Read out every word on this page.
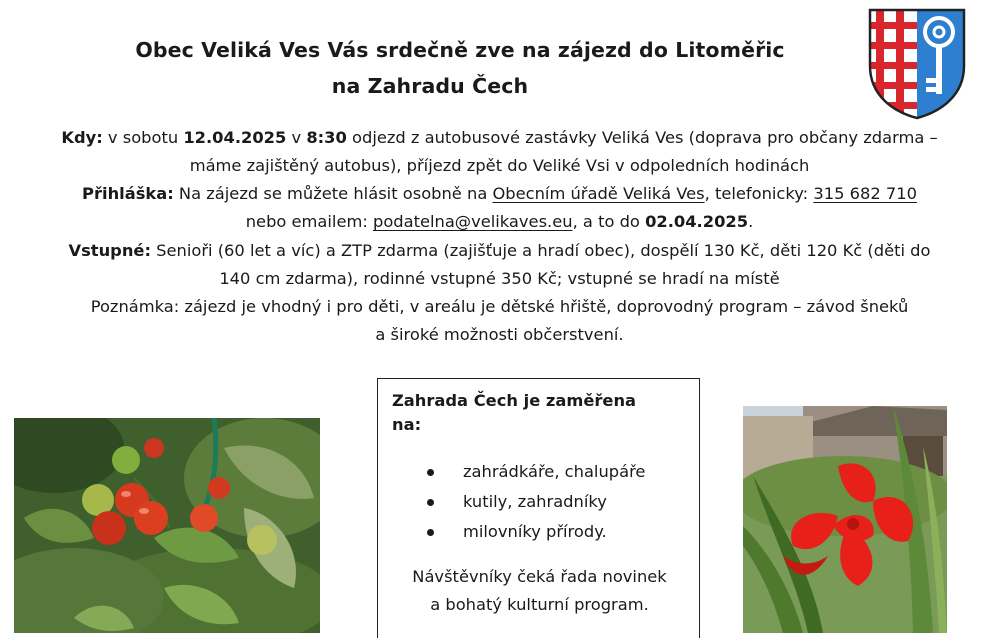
Obec Veliká Ves Vás srdečně zve na zájezd do Litoměřic
na Zahradu Čech
Kdy: v sobotu 12.04.2025 v 8:30 odjezd z autobusové zastávky Veliká Ves (doprava pro občany zdarma –
máme zajištěný autobus), příjezd zpět do Veliké Vsi v odpoledních hodinách
Přihláška: Na zájezd se můžete hlásit osobně na Obecním úřadě Veliká Ves, telefonicky: 315 682 710
nebo emailem: podatelna@velikaves.eu, a to do 02.04.2025.
Vstupné: Senioři (60 let a víc) a ZTP zdarma (zajišťuje a hradí obec), dospělí 130 Kč, děti 120 Kč (děti do
140 cm zdarma), rodinné vstupné 350 Kč; vstupné se hradí na místě
Poznámka: zájezd je vhodný i pro děti, v areálu je dětské hřiště, doprovodný program – závod šneků
a široké možnosti občerstvení.
Zahrada Čech je zaměřena
na:
zahrádkáře, chalupáře
kutily, zahradníky
milovníky přírody.
Návštěvníky čeká řada novinek
a bohatý kulturní program.
